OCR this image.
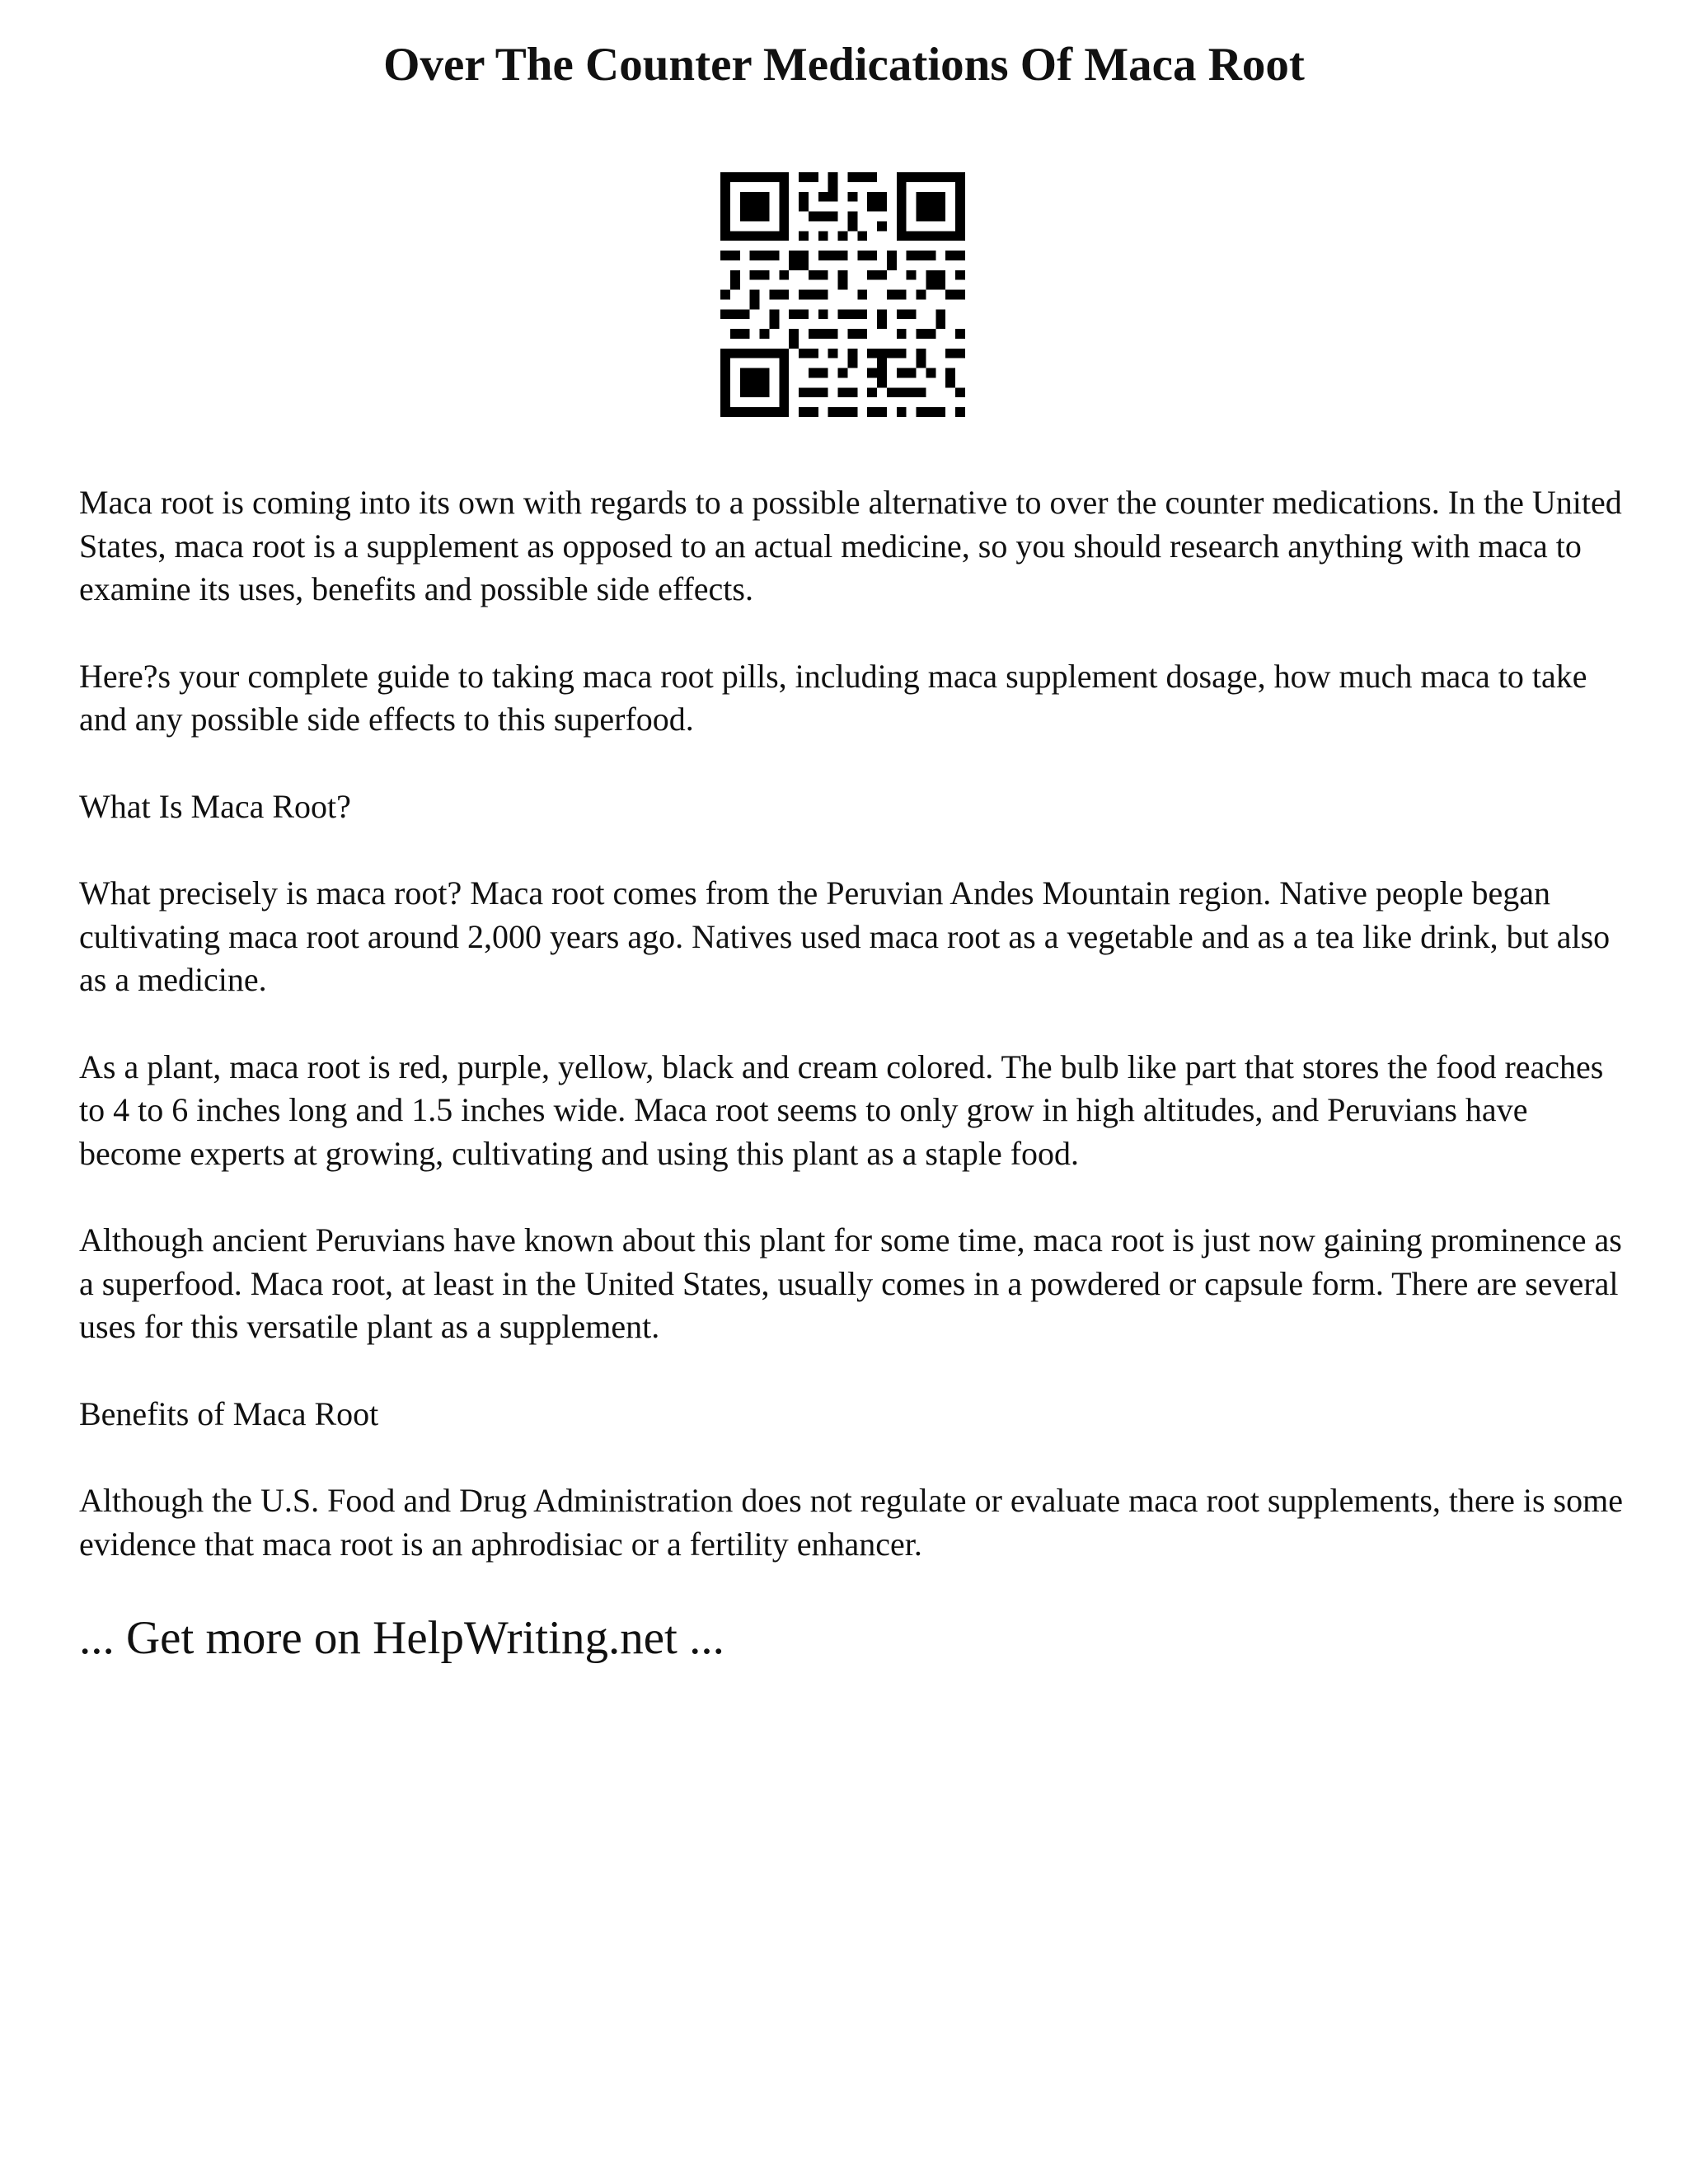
Over The Counter Medications Of Maca Root

Maca root is coming into its own with regards to a possible alternative to over the counter medications. In the United States, maca root is a supplement as opposed to an actual medicine, so you should research anything with maca to examine its uses, benefits and possible side effects.

Here?s your complete guide to taking maca root pills, including maca supplement dosage, how much maca to take and any possible side effects to this superfood.

What Is Maca Root?

What precisely is maca root? Maca root comes from the Peruvian Andes Mountain region. Native people began cultivating maca root around 2,000 years ago. Natives used maca root as a vegetable and as a tea like drink, but also as a medicine.

As a plant, maca root is red, purple, yellow, black and cream colored. The bulb like part that stores the food reaches to 4 to 6 inches long and 1.5 inches wide. Maca root seems to only grow in high altitudes, and Peruvians have become experts at growing, cultivating and using this plant as a staple food.

Although ancient Peruvians have known about this plant for some time, maca root is just now gaining prominence as a superfood. Maca root, at least in the United States, usually comes in a powdered or capsule form. There are several uses for this versatile plant as a supplement.

Benefits of Maca Root

Although the U.S. Food and Drug Administration does not regulate or evaluate maca root supplements, there is some evidence that maca root is an aphrodisiac or a fertility enhancer.

... Get more on HelpWriting.net ...
